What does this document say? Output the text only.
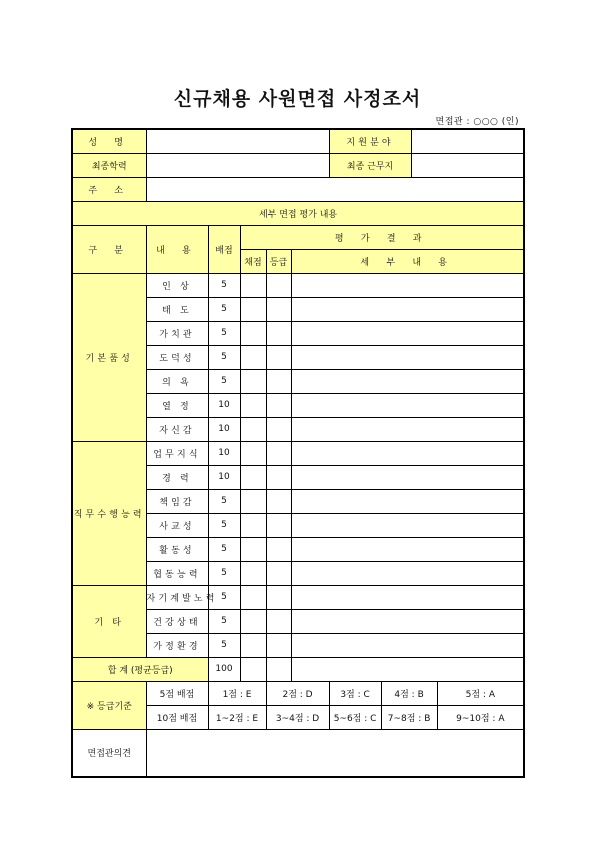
신규채용 사원면접 사정조서
면접관 : ○○○ (인)
성 명						지원분야			
최종학력						최종 근무지			
주 소									
세부 면접 평가 내용									
구 분	내 용	배점	평 가 결 과						
			채점	등급	세 부 내 용				
기본품성	인 상	5							
	태 도	5							
	가치관	5							
	도덕성	5							
	의 욕	5							
	열 정	10							
	자신감	10							
직무수행능력	업무지식	10							
	경 력	10							
	책임감	5							
	사교성	5							
	활동성	5							
	협동능력	5							
기 타	자기계발노력	5							
	건강상태	5							
	가정환경	5							
합 계 (평균등급)		100							
※ 등급기준	5점 배점	1점 : E		2점 : D		3점 : C	4점 : B		5점 : A
	10점 배점	1~2점 : E		3~4점 : D		5~6점 : C	7~8점 : B		9~10점 : A
면접관의견									
